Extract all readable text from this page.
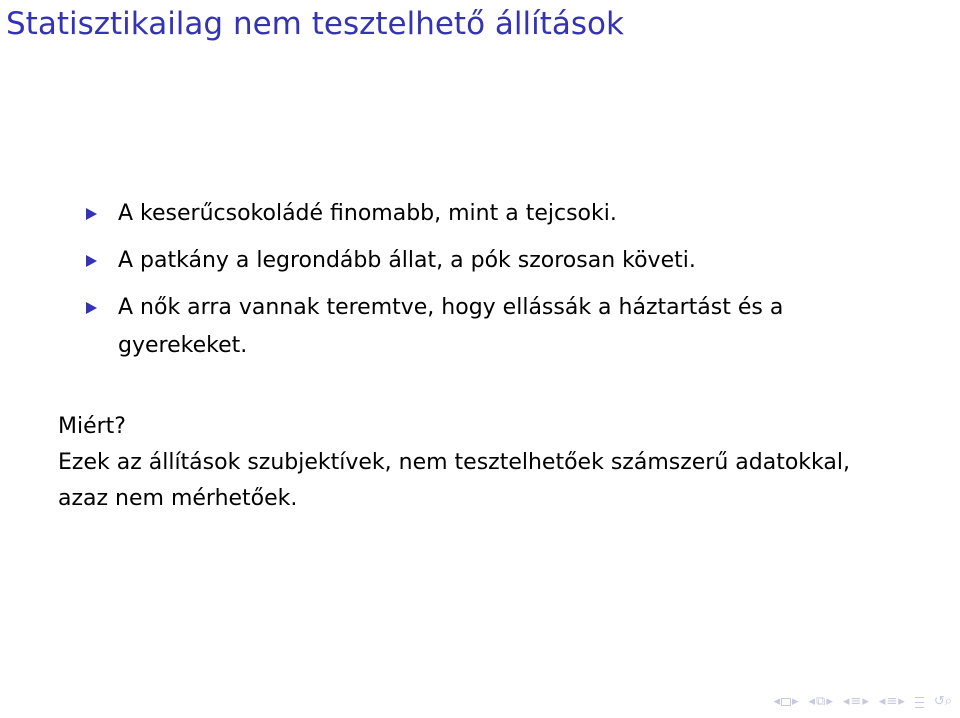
Statisztikailag nem tesztelhető állítások
A keserűcsokoládé finomabb, mint a tejcsoki.
A patkány a legrondább állat, a pók szorosan követi.
A nők arra vannak teremtve, hogy ellássák a háztartást és a gyerekeket.
Miért?
Ezek az állítások szubjektívek, nem tesztelhetőek számszerű adatokkal, azaz nem mérhetőek.
◂ ▸ ◂ ⧉ ▸ ◂ ≡ ▸ ◂ ≡ ▸ ↺⌕
